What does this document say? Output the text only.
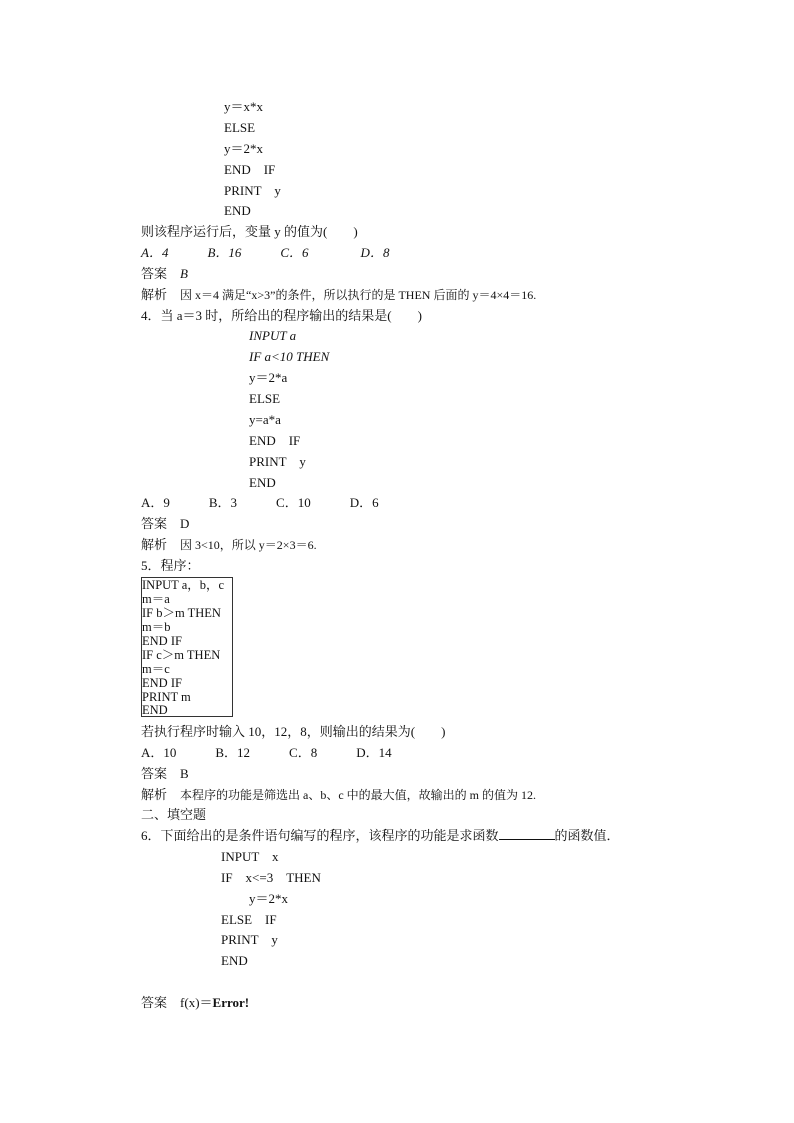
y＝x*x
ELSE
y＝2*x
END　IF
PRINT　y
END
则该程序运行后，变量 y 的值为(　　)
A．4　　　B．16　　　C．6　　　　D．8
答案　 B
解析　 因 x＝4 满足“x>3”的条件，所以执行的是 THEN 后面的 y＝4×4＝16.
4．当 a＝3 时，所给出的程序输出的结果是(　　)
INPUT a
IF a<10 THEN
y＝2*a
ELSE
y=a*a
END　IF
PRINT　y
END
A．9　　　B．3　　　C．10　　　D．6
答案　 D
解析　 因 3<10，所以 y＝2×3＝6.
5．程序：
INPUT a，b，c
m＝a
IF b＞m THEN
m＝b
END IF
IF c＞m THEN
m＝c
END IF
PRINT m
END
若执行程序时输入 10，12，8，则输出的结果为(　　)
A．10　　　B．12　　　C．8　　　D．14
答案　 B
解析　 本程序的功能是筛选出 a、b、c 中的最大值，故输出的 m 的值为 12.
二、填空题
6．下面给出的是条件语句编写的程序，该程序的功能是求函数	的函数值．
INPUT　x
IF　x<=3　THEN
y＝2*x
ELSE　IF
PRINT　y
END
答案　 f(x)＝Error!
